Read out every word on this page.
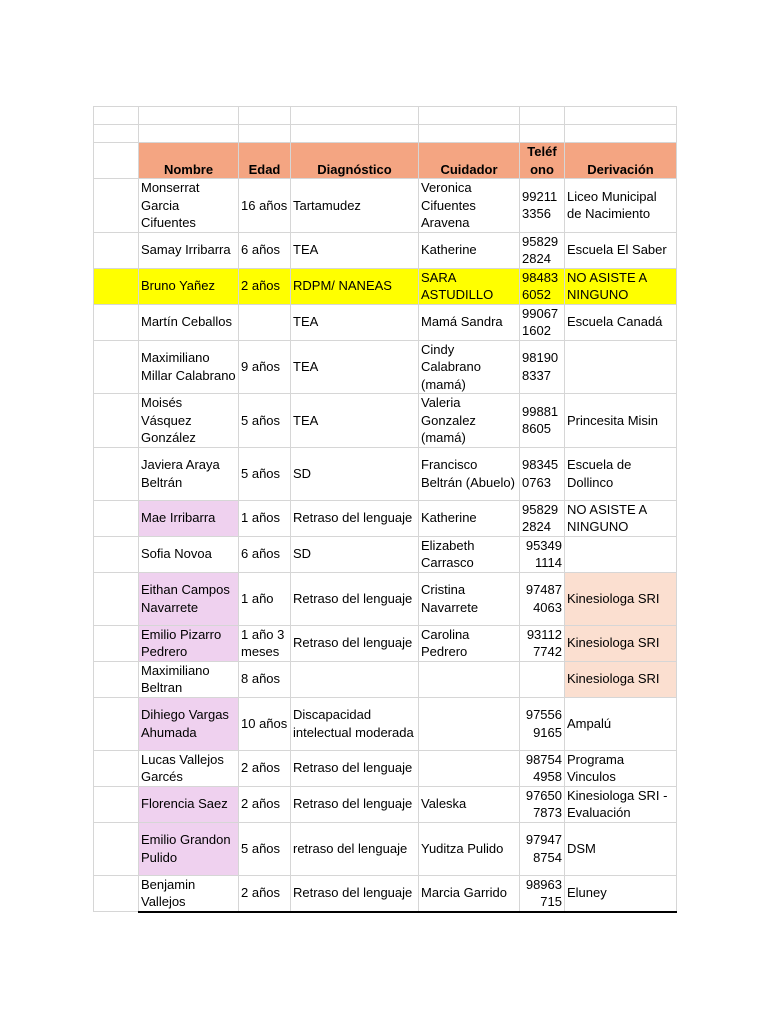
	Nombre	Edad	Diagnóstico	Cuidador	Teléf ono	Derivación
	Monserrat Garcia Cifuentes	16 años	Tartamudez	Veronica Cifuentes Aravena	99211 3356	Liceo Municipal de Nacimiento
	Samay Irribarra	6 años	TEA	Katherine	95829 2824	Escuela El Saber
	Bruno Yañez	2 años	RDPM/ NANEAS	SARA ASTUDILLO	98483 6052	NO ASISTE A NINGUNO
	Martín Ceballos		TEA	Mamá Sandra	99067 1602	Escuela Canadá
	Maximiliano Millar Calabrano	9 años	TEA	Cindy Calabrano (mamá)	98190 8337	
	Moisés Vásquez González	5 años	TEA	Valeria Gonzalez (mamá)	99881 8605	Princesita Misin
	Javiera Araya Beltrán	5 años	SD	Francisco Beltrán (Abuelo)	98345 0763	Escuela de Dollinco
	Mae Irribarra	1 años	Retraso del lenguaje	Katherine	95829 2824	NO ASISTE A NINGUNO
	Sofia Novoa	6 años	SD	Elizabeth Carrasco	95349 1114	
	Eithan Campos Navarrete	1 año	Retraso del lenguaje	Cristina Navarrete	97487 4063	Kinesiologa SRI
	Emilio Pizarro Pedrero	1 año 3 meses	Retraso del lenguaje	Carolina Pedrero	93112 7742	Kinesiologa SRI
	Maximiliano Beltran	8 años				Kinesiologa SRI
	Dihiego Vargas Ahumada	10 años	Discapacidad intelectual moderada		97556 9165	Ampalú
	Lucas Vallejos Garcés	2 años	Retraso del lenguaje		98754 4958	Programa Vinculos
	Florencia Saez	2 años	Retraso del lenguaje	Valeska	97650 7873	Kinesiologa SRI - Evaluación
	Emilio Grandon Pulido	5 años	retraso del lenguaje	Yuditza Pulido	97947 8754	DSM
	Benjamin Vallejos	2 años	Retraso del lenguaje	Marcia Garrido	98963 715	Eluney
